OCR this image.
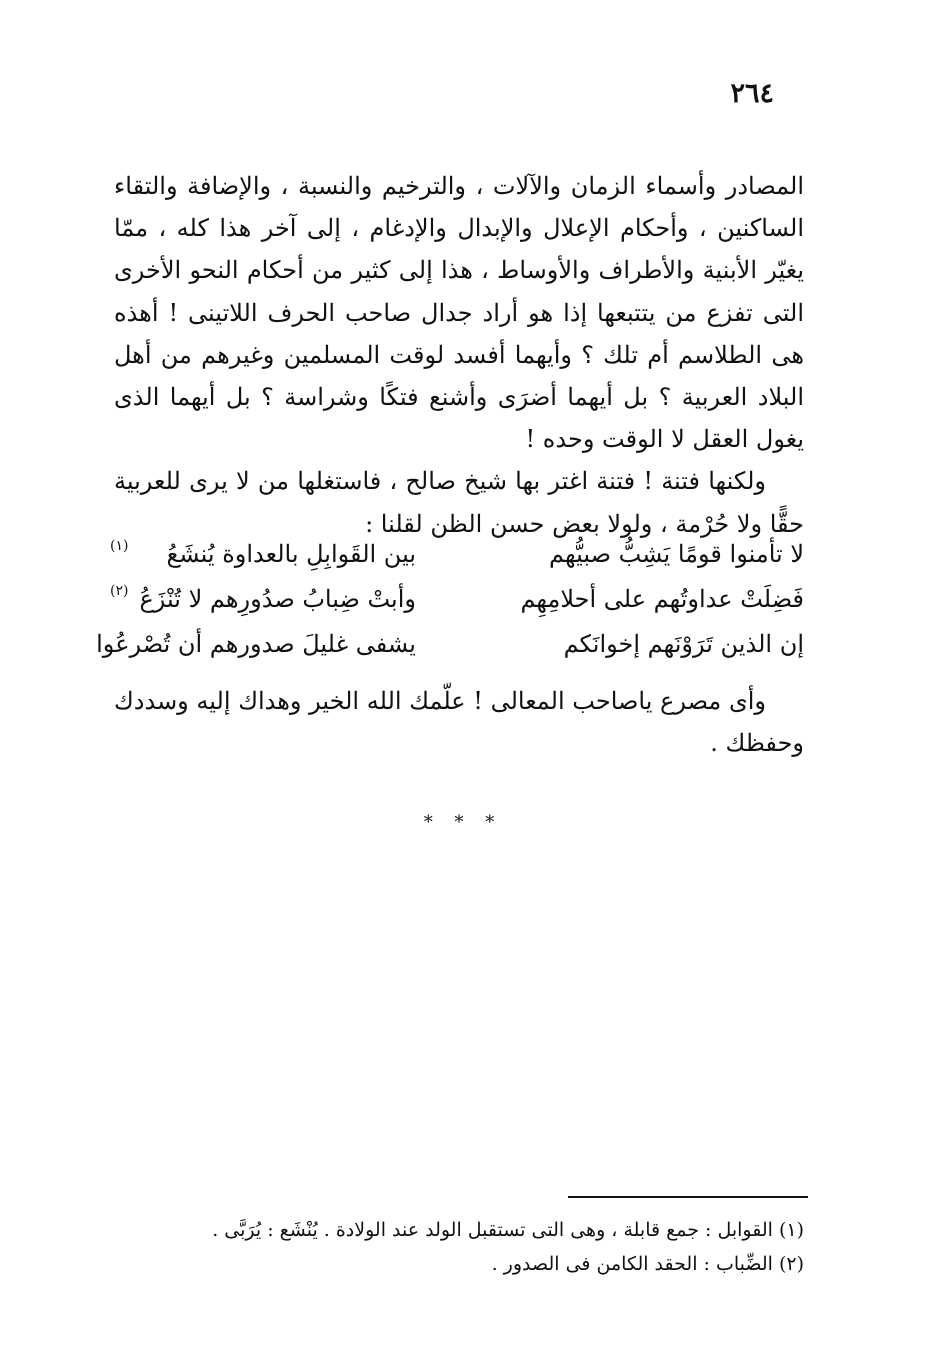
٢٦٤

المصادر وأسماء الزمان والآلات ، والترخيم والنسبة ، والإضافة والتقاء الساكنين ، وأحكام الإعلال والإبدال والإدغام ، إلى آخر هذا كله ، ممّا يغيّر الأبنية والأطراف والأوساط ، هذا إلى كثير من أحكام النحو الأخرى التى تفزع من يتتبعها إذا هو أراد جدال صاحب الحرف اللاتينى ! أهذه هى الطلاسم أم تلك ؟ وأيهما أفسد لوقت المسلمين وغيرهم من أهل البلاد العربية ؟ بل أيهما أضرَى وأشنع فتكًا وشراسة ؟ بل أيهما الذى يغول العقل لا الوقت وحده !

ولكنها فتنة ! فتنة اغتر بها شيخ صالح ، فاستغلها من لا يرى للعربية حقًّا ولا حُرْمة ، ولولا بعض حسن الظن لقلنا :

لا تأمنوا قومًا يَشِبُّ صبيُّهم
بين القَوابِلِ بالعداوة يُنشَعُ
(١)
فَضِلَتْ عداوتُهم على أحلامِهِم
وأبتْ ضِبابُ صدُورِهم لا تُنْزَعُ
(٢)
إن الذين تَرَوْنَهم إخوانَكم
يشفى غليلَ صدورهم أن تُصْرعُوا

وأى مصرع ياصاحب المعالى ! علّمك الله الخير وهداك إليه وسددك وحفظك .

* * *

(١) القوابل : جمع قابلة ، وهى التى تستقبل الولد عند الولادة . يُنْشَع : يُرَبَّى .

(٢) الضِّباب : الحقد الكامن فى الصدور .
